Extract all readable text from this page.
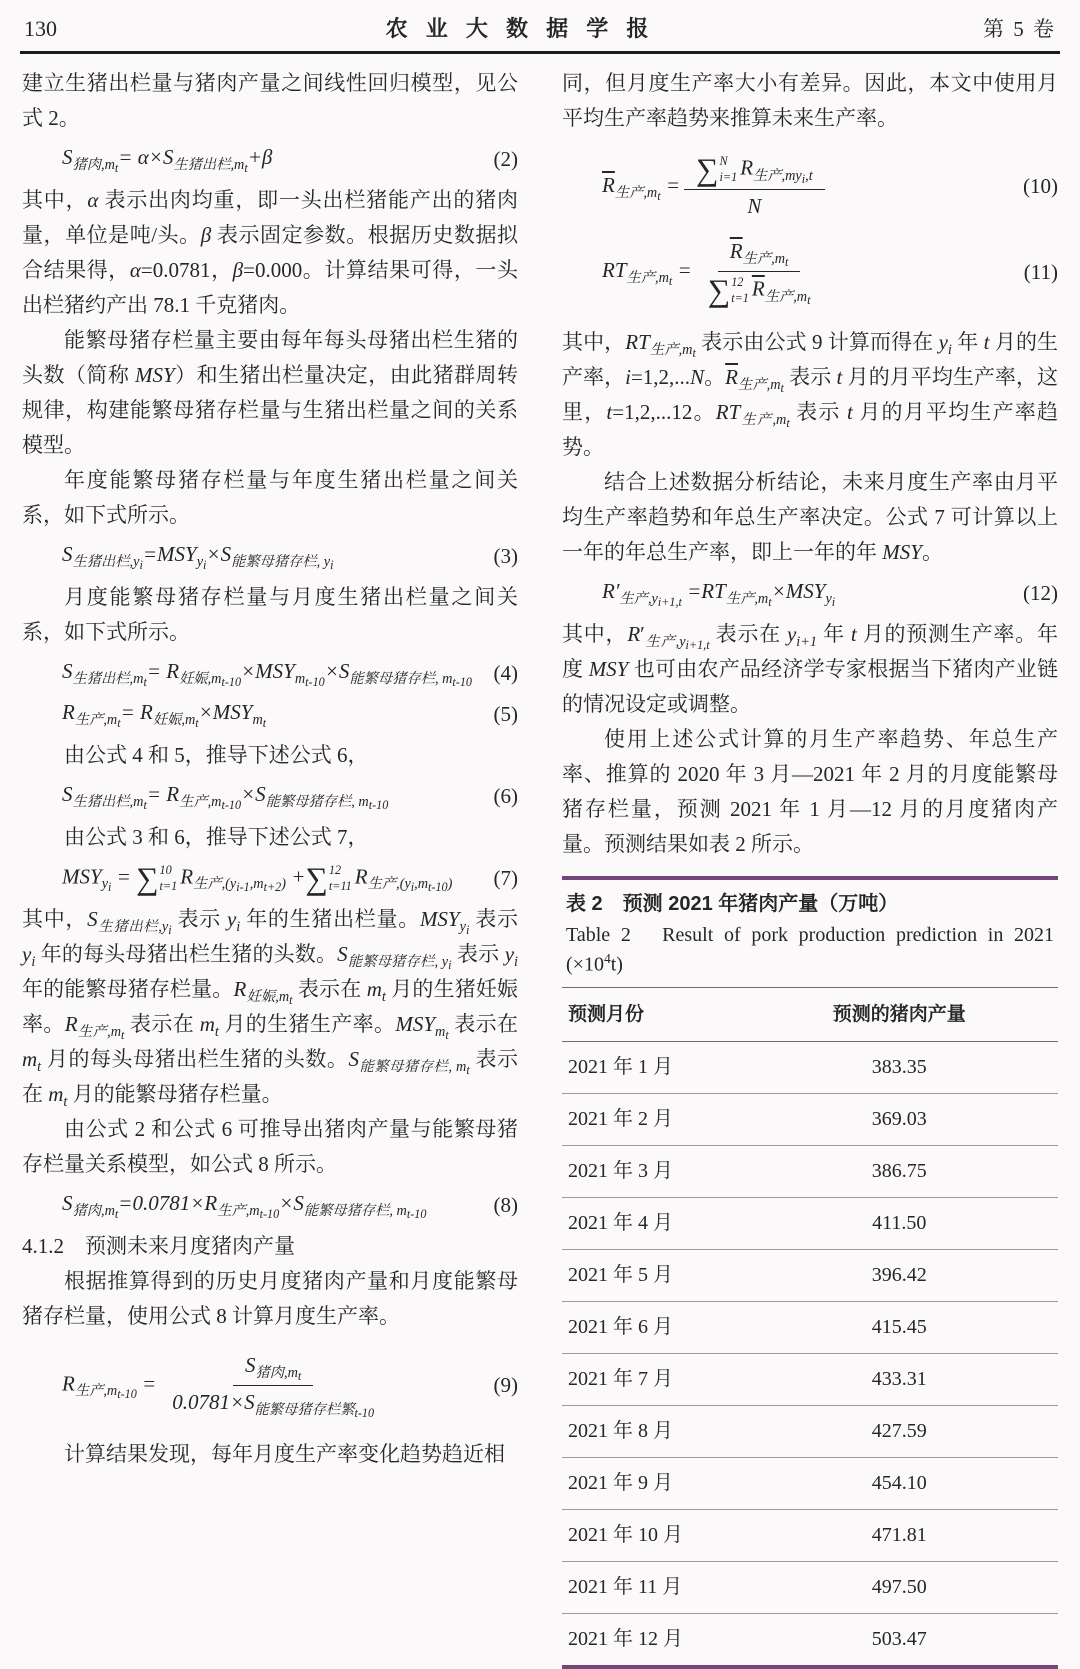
130	农 业 大 数 据 学 报	第 5 卷

建立生猪出栏量与猪肉产量之间线性回归模型，见公式 2。

$S_{猪肉,m_t}= \alpha\times S_{生猪出栏,m_t}+\beta$	(2)

其中，α 表示出肉均重，即一头出栏猪能产出的猪肉量，单位是吨/头。β 表示固定参数。根据历史数据拟合结果得，α=0.0781，β=0.000。计算结果可得，一头出栏猪约产出 78.1 千克猪肉。

能繁母猪存栏量主要由每年每头母猪出栏生猪的头数（简称 MSY）和生猪出栏量决定，由此猪群周转规律，构建能繁母猪存栏量与生猪出栏量之间的关系模型。

年度能繁母猪存栏量与年度生猪出栏量之间关系，如下式所示。

$S_{生猪出栏,y_i}=MSY_{y_i}\times S_{能繁母猪存栏, y_i}$	(3)

月度能繁母猪存栏量与月度生猪出栏量之间关系，如下式所示。

$S_{生猪出栏,m_t}= R_{妊娠,m_{t-10}}\times MSY_{m_{t-10}}\times S_{能繁母猪存栏, m_{t-10}}$	(4)
$R_{生产,m_t}= R_{妊娠,m_t}\times MSY_{m_t}$	(5)

由公式 4 和 5，推导下述公式 6，

$S_{生猪出栏,m_t}= R_{生产,m_{t-10}}\times S_{能繁母猪存栏, m_{t-10}}$	(6)

由公式 3 和 6，推导下述公式 7，

$MSY_{y_i}$ = ∑ 10
t=1 $R_{生产,(y_{i-1},m_{t+2})}$ + ∑ 12
t=11 $R_{生产,(y_i,m_{t-10})}$	(7)

其中，$S_{生猪出栏,y_i}$ 表示 $y_i$ 年的生猪出栏量。$MSY_{y_i}$ 表示 $y_i$ 年的每头母猪出栏生猪的头数。$S_{能繁母猪存栏, y_i}$ 表示 $y_i$ 年的能繁母猪存栏量。$R_{妊娠,m_t}$ 表示在 $m_t$ 月的生猪妊娠率。$R_{生产,m_t}$ 表示在 $m_t$ 月的生猪生产率。$MSY_{m_t}$ 表示在 $m_t$ 月的每头母猪出栏生猪的头数。$S_{能繁母猪存栏, m_t}$ 表示在 $m_t$ 月的能繁母猪存栏量。

由公式 2 和公式 6 可推导出猪肉产量与能繁母猪存栏量关系模型，如公式 8 所示。

$S_{猪肉,m_t}=0.0781\times R_{生产,m_{t-10}}\times S_{能繁母猪存栏, m_{t-10}}$	(8)

4.1.2　预测未来月度猪肉产量

根据推算得到的历史月度猪肉产量和月度能繁母猪存栏量，使用公式 8 计算月度生产率。

$R_{生产,m_{t-10}} = \frac{S_{猪肉,m_t}}{0.0781\times S_{能繁母猪存栏繁_{t-10}}}$	(9)

计算结果发现，每年月度生产率变化趋势趋近相

同，但月度生产率大小有差异。因此，本文中使用月平均生产率趋势来推算未来生产率。

$\overline{R}_{生产,m_t}$ = ∑ N
i=1 $R_{生产,my_i,t}$
N	(10)
$RT_{生产,m_t} = \overline{R}_{生产,m_t}$
∑ 12
t=1 $\overline{R}_{生产,m_t}$	(11)

其中，$RT_{生产,m_t}$ 表示由公式 9 计算而得在 $y_i$ 年 t 月的生产率，i=1,2,...N。$\overline{R}_{生产,m_t}$ 表示 t 月的月平均生产率，这里，t=1,2,...12。$RT_{生产,m_t}$ 表示 t 月的月平均生产率趋势。

结合上述数据分析结论，未来月度生产率由月平均生产率趋势和年总生产率决定。公式 7 可计算以上一年的年总生产率，即上一年的年 MSY。

$R'_{生产,y_{i+1,t}} =RT_{生产,m_t}\times MSY_{y_i}$	(12)

其中，$R'_{生产,y_{i+1,t}}$ 表示在 $y_{i+1}$ 年 t 月的预测生产率。年度 MSY 也可由农产品经济学专家根据当下猪肉产业链的情况设定或调整。

使用上述公式计算的月生产率趋势、年总生产率、推算的 2020 年 3 月—2021 年 2 月的月度能繁母猪存栏量，预测 2021 年 1 月—12 月的月度猪肉产量。预测结果如表 2 所示。

表 2　预测 2021 年猪肉产量（万吨）
Table 2　Result of pork production prediction in 2021 $(\times 10^4t)$
预测月份	预测的猪肉产量
2021 年 1 月	383.35
2021 年 2 月	369.03
2021 年 3 月	386.75
2021 年 4 月	411.50
2021 年 5 月	396.42
2021 年 6 月	415.45
2021 年 7 月	433.31
2021 年 8 月	427.59
2021 年 9 月	454.10
2021 年 10 月	471.81
2021 年 11 月	497.50
2021 年 12 月	503.47
